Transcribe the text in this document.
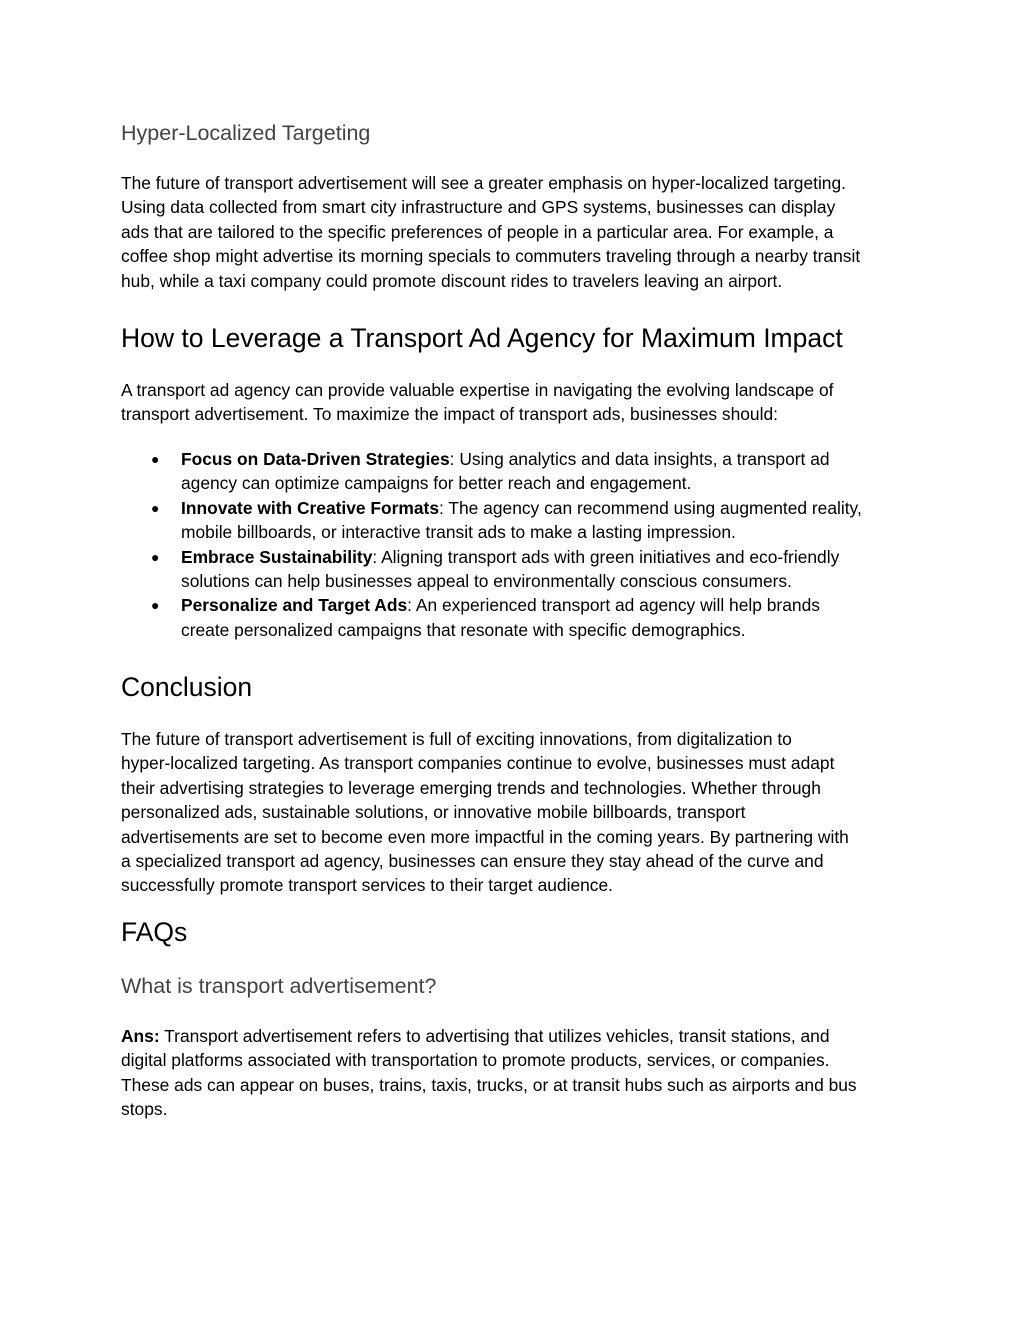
Hyper-Localized Targeting

The future of transport advertisement will see a greater emphasis on hyper-localized targeting.
Using data collected from smart city infrastructure and GPS systems, businesses can display
ads that are tailored to the specific preferences of people in a particular area. For example, a
coffee shop might advertise its morning specials to commuters traveling through a nearby transit
hub, while a taxi company could promote discount rides to travelers leaving an airport.

How to Leverage a Transport Ad Agency for Maximum Impact

A transport ad agency can provide valuable expertise in navigating the evolving landscape of
transport advertisement. To maximize the impact of transport ads, businesses should:

● Focus on Data-Driven Strategies: Using analytics and data insights, a transport ad
agency can optimize campaigns for better reach and engagement.
● Innovate with Creative Formats: The agency can recommend using augmented reality,
mobile billboards, or interactive transit ads to make a lasting impression.
● Embrace Sustainability: Aligning transport ads with green initiatives and eco-friendly
solutions can help businesses appeal to environmentally conscious consumers.
● Personalize and Target Ads: An experienced transport ad agency will help brands
create personalized campaigns that resonate with specific demographics.
Conclusion

The future of transport advertisement is full of exciting innovations, from digitalization to
hyper-localized targeting. As transport companies continue to evolve, businesses must adapt
their advertising strategies to leverage emerging trends and technologies. Whether through
personalized ads, sustainable solutions, or innovative mobile billboards, transport
advertisements are set to become even more impactful in the coming years. By partnering with
a specialized transport ad agency, businesses can ensure they stay ahead of the curve and
successfully promote transport services to their target audience.

FAQs
What is transport advertisement?

Ans: Transport advertisement refers to advertising that utilizes vehicles, transit stations, and
digital platforms associated with transportation to promote products, services, or companies.
These ads can appear on buses, trains, taxis, trucks, or at transit hubs such as airports and bus
stops.
